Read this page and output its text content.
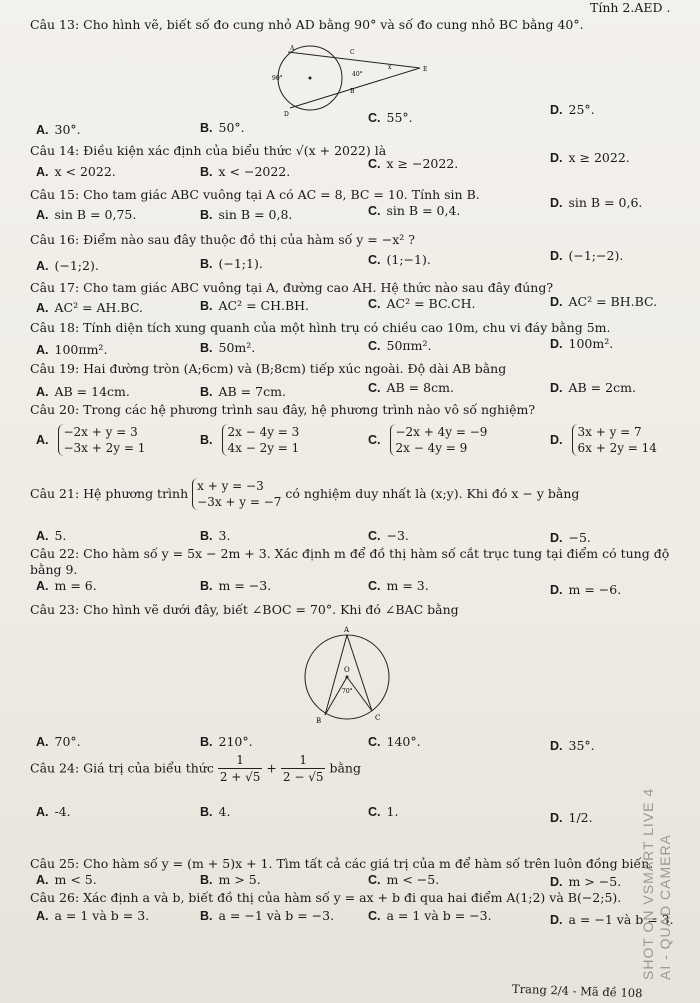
Tính 2.AED .
Câu 13: Cho hình vẽ, biết số đo cung nhỏ AD bằng 90° và số đo cung nhỏ BC bằng 40°.
A
C
E
B
D
x
90°
40°
A. 30°.	B. 50°.
C. 55°.	D. 25°.
Câu 14: Điều kiện xác định của biểu thức √(x + 2022) là
A. x < 2022.	B. x < −2022.	C. x ≥ −2022.	D. x ≥ 2022.
Câu 15: Cho tam giác ABC vuông tại A có AC = 8, BC = 10. Tính sin B.
A. sin B = 0,75.	B. sin B = 0,8.	C. sin B = 0,4.	D. sin B = 0,6.
Câu 16: Điểm nào sau đây thuộc đồ thị của hàm số y = −x² ?
A. (−1;2).	B. (−1;1).	C. (1;−1).	D. (−1;−2).
Câu 17: Cho tam giác ABC vuông tại A, đường cao AH. Hệ thức nào sau đây đúng?
A. AC² = AH.BC.	B. AC² = CH.BH.	C. AC² = BC.CH.	D. AC² = BH.BC.
Câu 18: Tính diện tích xung quanh của một hình trụ có chiều cao 10m, chu vi đáy bằng 5m.
A. 100πm².	B. 50m².	C. 50πm².	D. 100m².
Câu 19: Hai đường tròn (A;6cm) và (B;8cm) tiếp xúc ngoài. Độ dài AB bằng
A. AB = 14cm.	B. AB = 7cm.	C. AB = 8cm.	D. AB = 2cm.
Câu 20: Trong các hệ phương trình sau đây, hệ phương trình nào vô số nghiệm?
A.
−2x + y = 3
−3x + 2y = 1
B.
2x − 4y = 3
4x − 2y = 1
C.
−2x + 4y = −9
2x − 4y = 9
D.
3x + y = 7
6x + 2y = 14
Câu 21: Hệ phương trình x + y = −3
−3x + y = −7
có nghiệm duy nhất là (x;y). Khi đó x − y bằng
A. 5.	B. 3.	C. −3.	D. −5.
Câu 22: Cho hàm số y = 5x − 2m + 3. Xác định m để đồ thị hàm số cắt trục tung tại điểm có tung độ
bằng 9.
A. m = 6.	B. m = −3.	C. m = 3.	D. m = −6.
Câu 23: Cho hình vẽ dưới đây, biết ∠BOC = 70°. Khi đó ∠BAC bằng
A
O
B	C
70°
A. 70°.	B. 210°.	C. 140°.	D. 35°.
Câu 24: Giá trị của biểu thức $\frac{1}{2 + √5} + \frac{1}{2 - √5}$ bằng
A. -4.	B. 4.	C. 1.	D. 1/2.
Câu 25: Cho hàm số y = (m + 5)x + 1. Tìm tất cả các giá trị của m để hàm số trên luôn đồng biến.
A. m < 5.	B. m > 5.	C. m < −5.	D. m > −5.
Câu 26: Xác định a và b, biết đồ thị của hàm số y = ax + b đi qua hai điểm A(1;2) và B(−2;5).
A. a = 1 và b = 3.	B. a = −1 và b = −3.	C. a = 1 và b = −3.	D. a = −1 và b = 3.
Trang 2/4 - Mã đề 108
SHOT ON VSMART LIVE 4 AI - QUAD CAMERA
